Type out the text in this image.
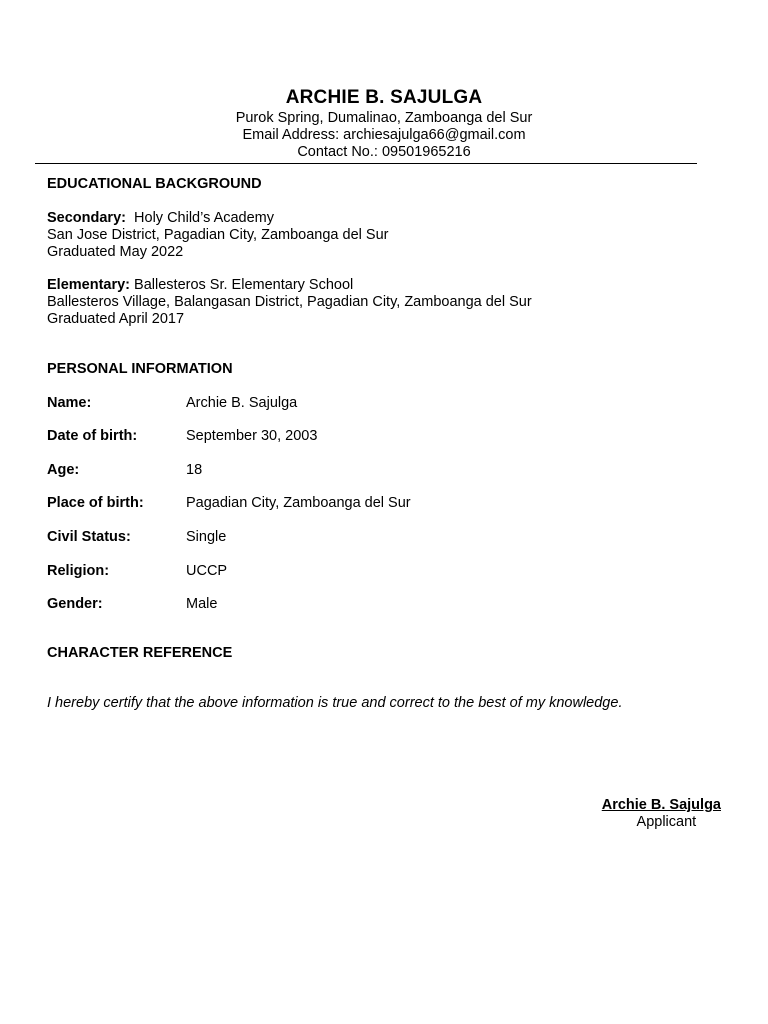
ARCHIE B. SAJULGA
Purok Spring, Dumalinao, Zamboanga del Sur
Email Address: archiesajulga66@gmail.com
Contact No.: 09501965216
EDUCATIONAL BACKGROUND
Secondary: Holy Child’s Academy
San Jose District, Pagadian City, Zamboanga del Sur
Graduated May 2022
Elementary: Ballesteros Sr. Elementary School
Ballesteros Village, Balangasan District, Pagadian City, Zamboanga del Sur
Graduated April 2017
PERSONAL INFORMATION
Name:	Archie B. Sajulga
Date of birth:	September 30, 2003
Age:	18
Place of birth:	Pagadian City, Zamboanga del Sur
Civil Status:	Single
Religion:	UCCP
Gender:	Male
CHARACTER REFERENCE
I hereby certify that the above information is true and correct to the best of my knowledge.
Archie B. Sajulga
Applicant
